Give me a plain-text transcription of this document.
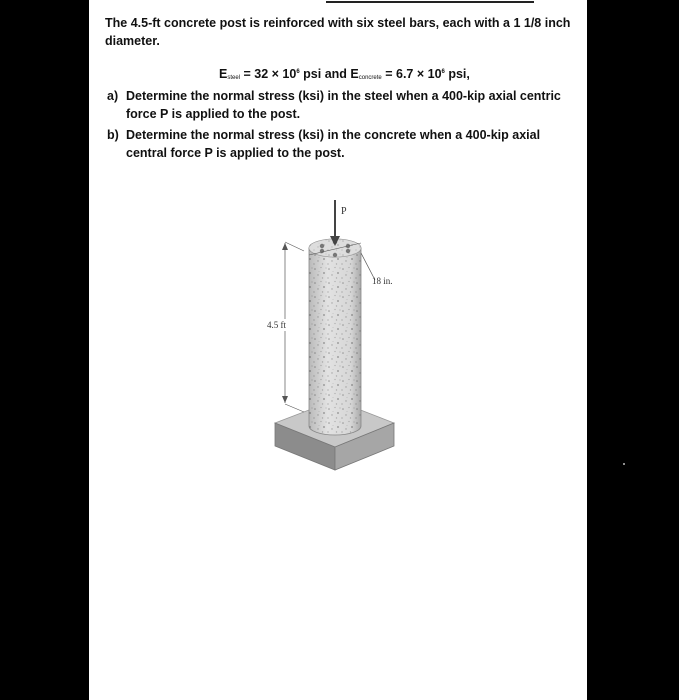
The 4.5-ft concrete post is reinforced with six steel bars, each with a 1 1/8 inch
diameter.
$E_{steel} = 32 \times 10^6$ psi and $E_{concrete} = 6.7 \times 10^6$ psi,
a) Determine the normal stress (ksi) in the steel when a 400-kip axial centric
force P is applied to the post.
b) Determine the normal stress (ksi) in the concrete when a 400-kip axial
central force P is applied to the post.
P
18 in.
4.5 ft
